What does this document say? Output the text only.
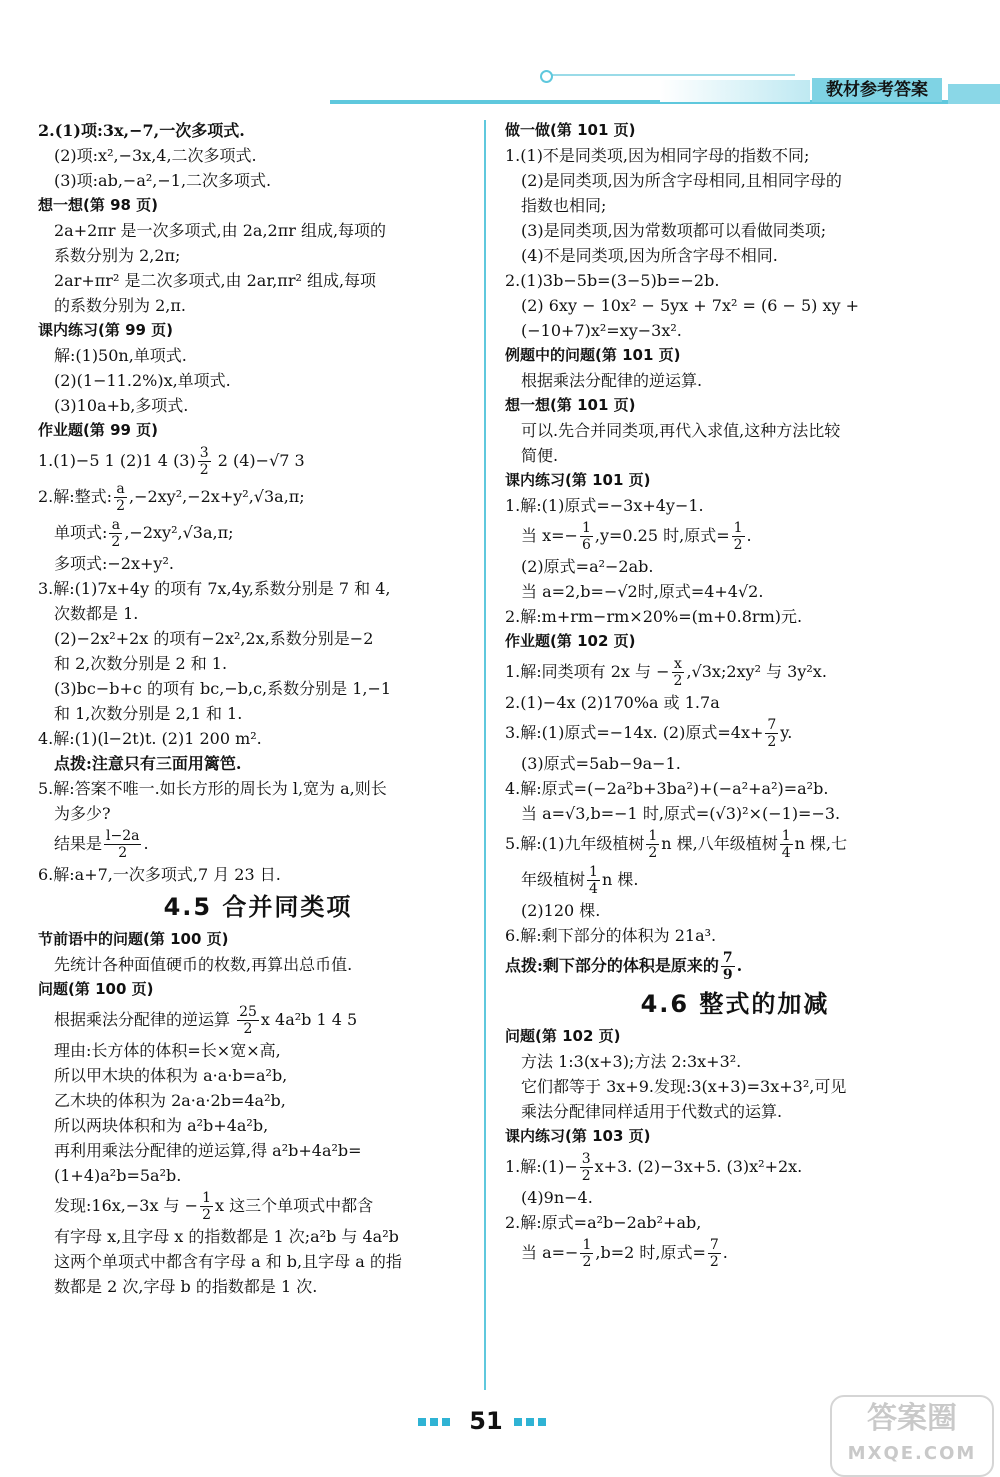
教材参考答案
2.(1)项:3x,−7,一次多项式.
(2)项:x²,−3x,4,二次多项式.
(3)项:ab,−a²,−1,二次多项式.
想一想(第 98 页)
2a+2πr 是一次多项式,由 2a,2πr 组成,每项的
系数分别为 2,2π;
2ar+πr² 是二次多项式,由 2ar,πr² 组成,每项
的系数分别为 2,π.
课内练习(第 99 页)
解:(1)50n,单项式.
(2)(1−11.2%)x,单项式.
(3)10a+b,多项式.
作业题(第 99 页)
1.(1)−5 1 (2)1 4 $(3) \frac{3}{2} 2$ (4)−√7 3
2.解:整式: $\frac{a}{2} ,-2xy^2,-2x+y^2,√3a,\pi$;
单项式: $\frac{a}{2} ,-2xy^2,√3a,\pi$;
多项式:−2x+y².
3.解:(1)7x+4y 的项有 7x,4y,系数分别是 7 和 4,
次数都是 1.
(2)−2x²+2x 的项有−2x²,2x,系数分别是−2
和 2,次数分别是 2 和 1.
(3)bc−b+c 的项有 bc,−b,c,系数分别是 1,−1
和 1,次数分别是 2,1 和 1.
4.解:(1)(l−2t)t. (2)1 200 m².
点拨:注意只有三面用篱笆.
5.解:答案不唯一.如长方形的周长为 l,宽为 a,则长
为多少?
结果是 $\frac{l-2a}{2}$ .
6.解:a+7,一次多项式,7 月 23 日.
4.5 合并同类项
节前语中的问题(第 100 页)
先统计各种面值硬币的枚数,再算出总币值.
问题(第 100 页)
根据乘法分配律的逆运算 $\frac{25}{2}$ x 4a²b 1 4 5
理由:长方体的体积=长×宽×高,
所以甲木块的体积为 a·a·b=a²b,
乙木块的体积为 2a·a·2b=4a²b,
所以两块体积和为 a²b+4a²b,
再利用乘法分配律的逆运算,得 a²b+4a²b=
(1+4)a²b=5a²b.
发现:16x,−3x 与 − $\frac{1}{2}$ x 这三个单项式中都含
有字母 x,且字母 x 的指数都是 1 次;a²b 与 4a²b
这两个单项式中都含有字母 a 和 b,且字母 a 的指
数都是 2 次,字母 b 的指数都是 1 次.
做一做(第 101 页)
1.(1)不是同类项,因为相同字母的指数不同;
(2)是同类项,因为所含字母相同,且相同字母的
指数也相同;
(3)是同类项,因为常数项都可以看做同类项;
(4)不是同类项,因为所含字母不相同.
2.(1)3b−5b=(3−5)b=−2b.
(2) 6xy − 10x² − 5yx + 7x² = (6 − 5) xy +
(−10+7)x²=xy−3x².
例题中的问题(第 101 页)
根据乘法分配律的逆运算.
想一想(第 101 页)
可以.先合并同类项,再代入求值,这种方法比较
简便.
课内练习(第 101 页)
1.解:(1)原式=−3x+4y−1.
当 $x=- \frac{1}{6} ,y=0.25$ 时,原式= $\frac{1}{2}$ .
(2)原式=a²−2ab.
当 a=2,b=−√2时,原式=4+4√2.
2.解:m+rm−rm×20%=(m+0.8rm)元.
作业题(第 102 页)
1.解:同类项有 2x 与 − $\frac{x}{2}$ ,√3x;2xy² 与 3y²x.
2.(1)−4x (2)170%a 或 1.7a
3.解:(1)原式=−14x. (2)原式$=4x+ \frac{7}{2} y$.
(3)原式=5ab−9a−1.
4.解:原式=(−2a²b+3ba²)+(−a²+a²)=a²b.
当 a=√3,b=−1 时,原式=(√3)²×(−1)=−3.
5.解:(1)九年级植树 $\frac{1}{2}$ n 棵,八年级植树 $\frac{1}{4}$ n 棵,七
年级植树 $\frac{1}{4}$ n 棵.
(2)120 棵.
6.解:剩下部分的体积为 21a³.
点拨:剩下部分的体积是原来的 $\frac{7}{9}$ .
4.6 整式的加减
问题(第 102 页)
方法 1:3(x+3);方法 2:3x+3².
它们都等于 3x+9.发现:3(x+3)=3x+3²,可见
乘法分配律同样适用于代数式的运算.
课内练习(第 103 页)
1.解:(1)− $\frac{3}{2} x+3$. (2)−3x+5. (3)x²+2x.
(4)9n−4.
2.解:原式=a²b−2ab²+ab,
当 $a=- \frac{1}{2} ,b=2$ 时,原式= $\frac{7}{2}$ .
51	答案圈
MXQE.COM
